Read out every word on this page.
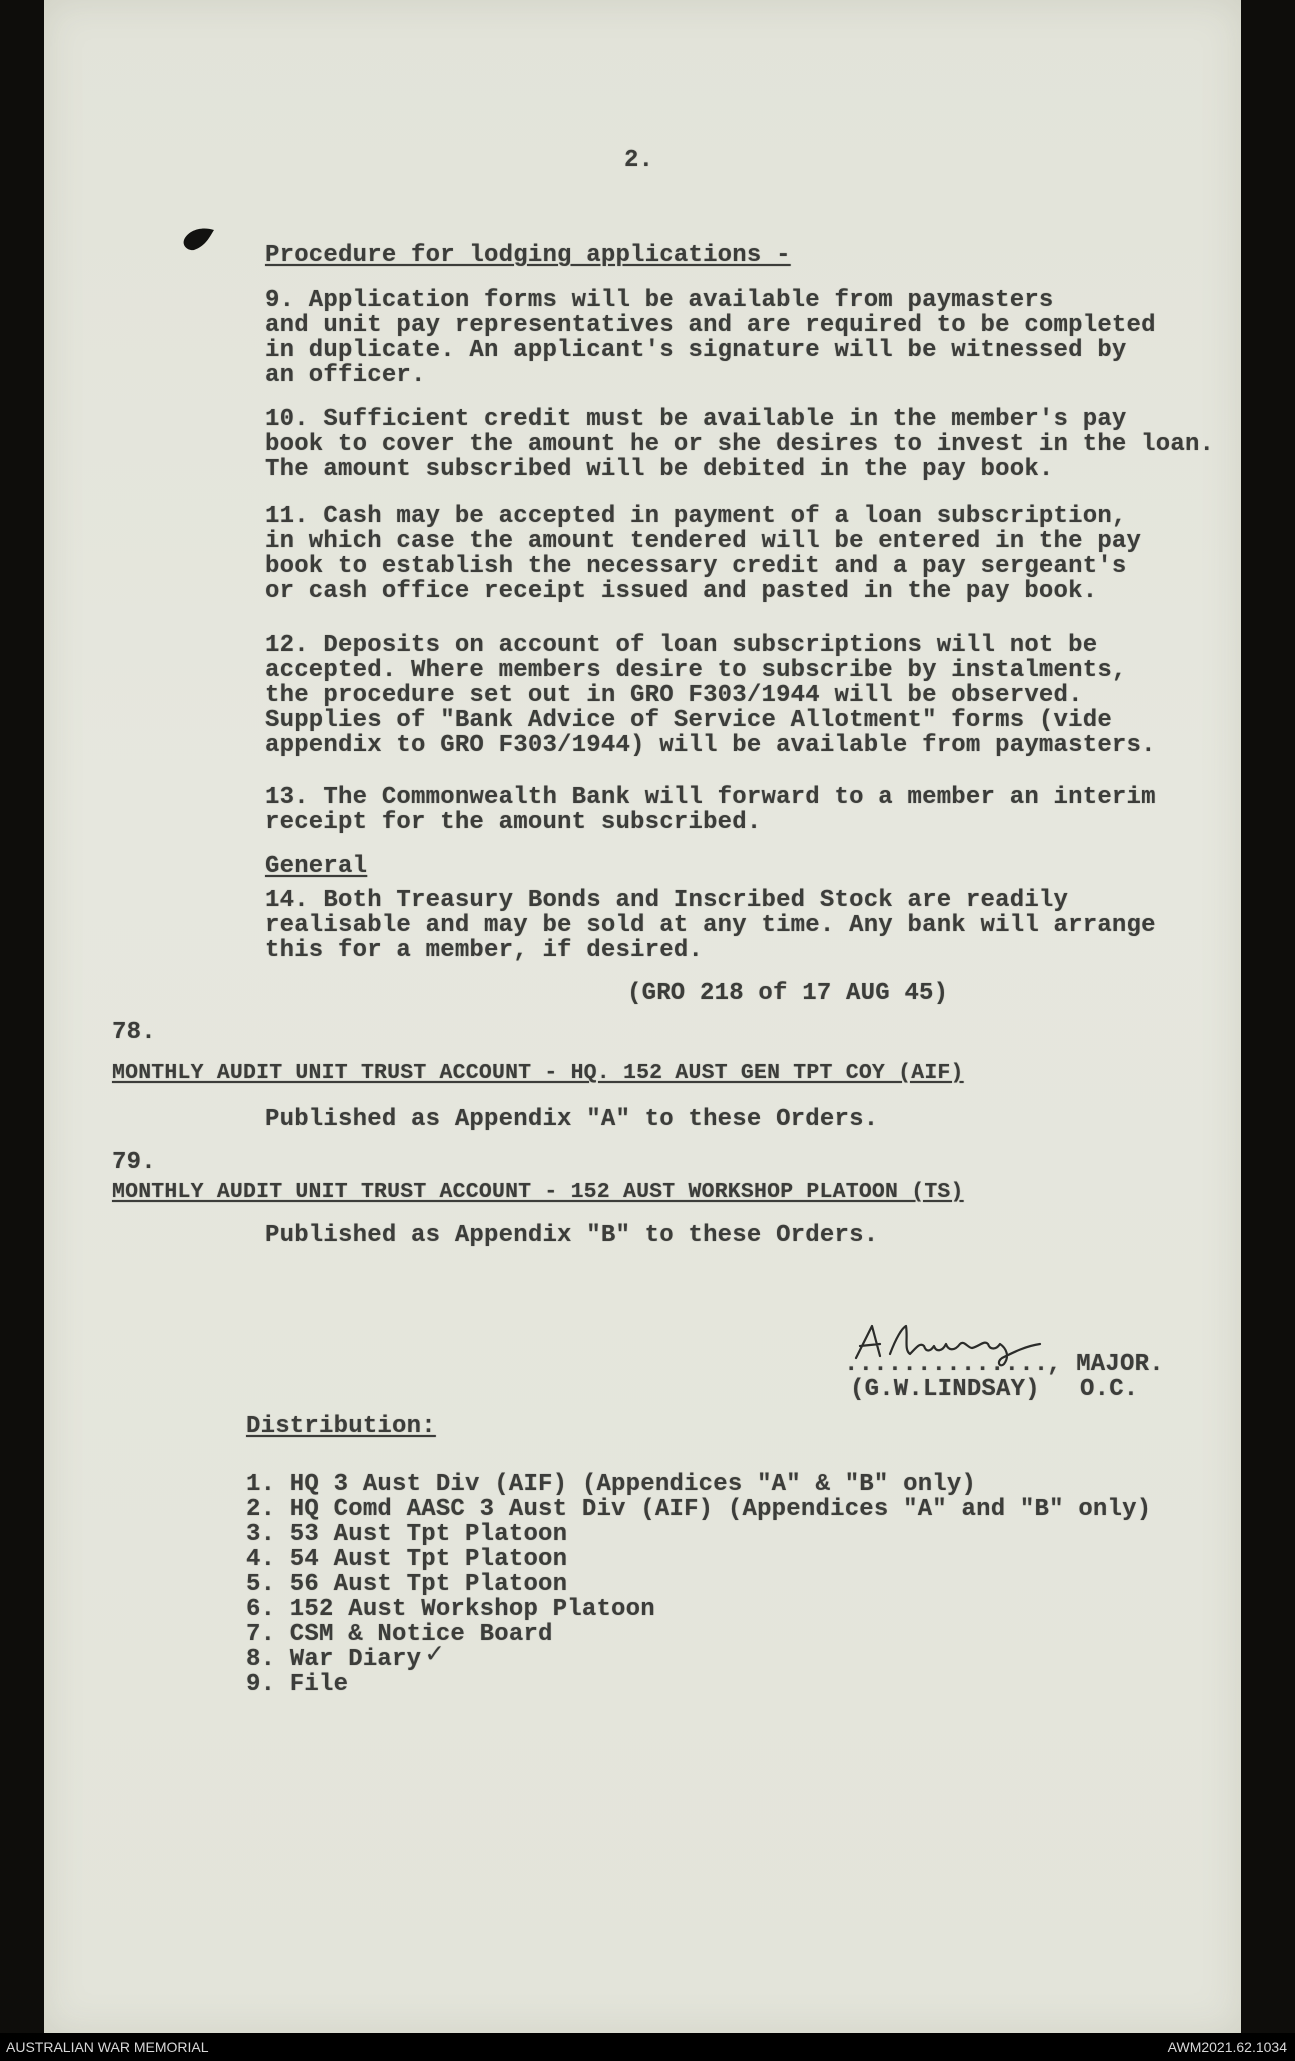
2.
Procedure for lodging applications -
9. Application forms will be available from paymasters
and unit pay representatives and are required to be completed
in duplicate. An applicant's signature will be witnessed by
an officer.
10. Sufficient credit must be available in the member's pay
book to cover the amount he or she desires to invest in the loan.
The amount subscribed will be debited in the pay book.
11. Cash may be accepted in payment of a loan subscription,
in which case the amount tendered will be entered in the pay
book to establish the necessary credit and a pay sergeant's
or cash office receipt issued and pasted in the pay book.
12. Deposits on account of loan subscriptions will not be
accepted. Where members desire to subscribe by instalments,
the procedure set out in GRO F303/1944 will be observed.
Supplies of "Bank Advice of Service Allotment" forms (vide
appendix to GRO F303/1944) will be available from paymasters.
13. The Commonwealth Bank will forward to a member an interim
receipt for the amount subscribed.
General
14. Both Treasury Bonds and Inscribed Stock are readily
realisable and may be sold at any time. Any bank will arrange
this for a member, if desired.
(GRO 218 of 17 AUG 45)
78.
MONTHLY AUDIT UNIT TRUST ACCOUNT - HQ. 152 AUST GEN TPT COY (AIF)
Published as Appendix "A" to these Orders.
79.
MONTHLY AUDIT UNIT TRUST ACCOUNT - 152 AUST WORKSHOP PLATOON (TS)
Published as Appendix "B" to these Orders.
..............
, MAJOR.
(G.W.LINDSAY) O.C.
Distribution:
1. HQ 3 Aust Div (AIF) (Appendices "A" & "B" only)
2. HQ Comd AASC 3 Aust Div (AIF) (Appendices "A" and "B" only)
3. 53 Aust Tpt Platoon
4. 54 Aust Tpt Platoon
5. 56 Aust Tpt Platoon
6. 152 Aust Workshop Platoon
7. CSM & Notice Board
8. War Diary ✓
9. File
AUSTRALIAN WAR MEMORIAL	AWM2021.62.1034
